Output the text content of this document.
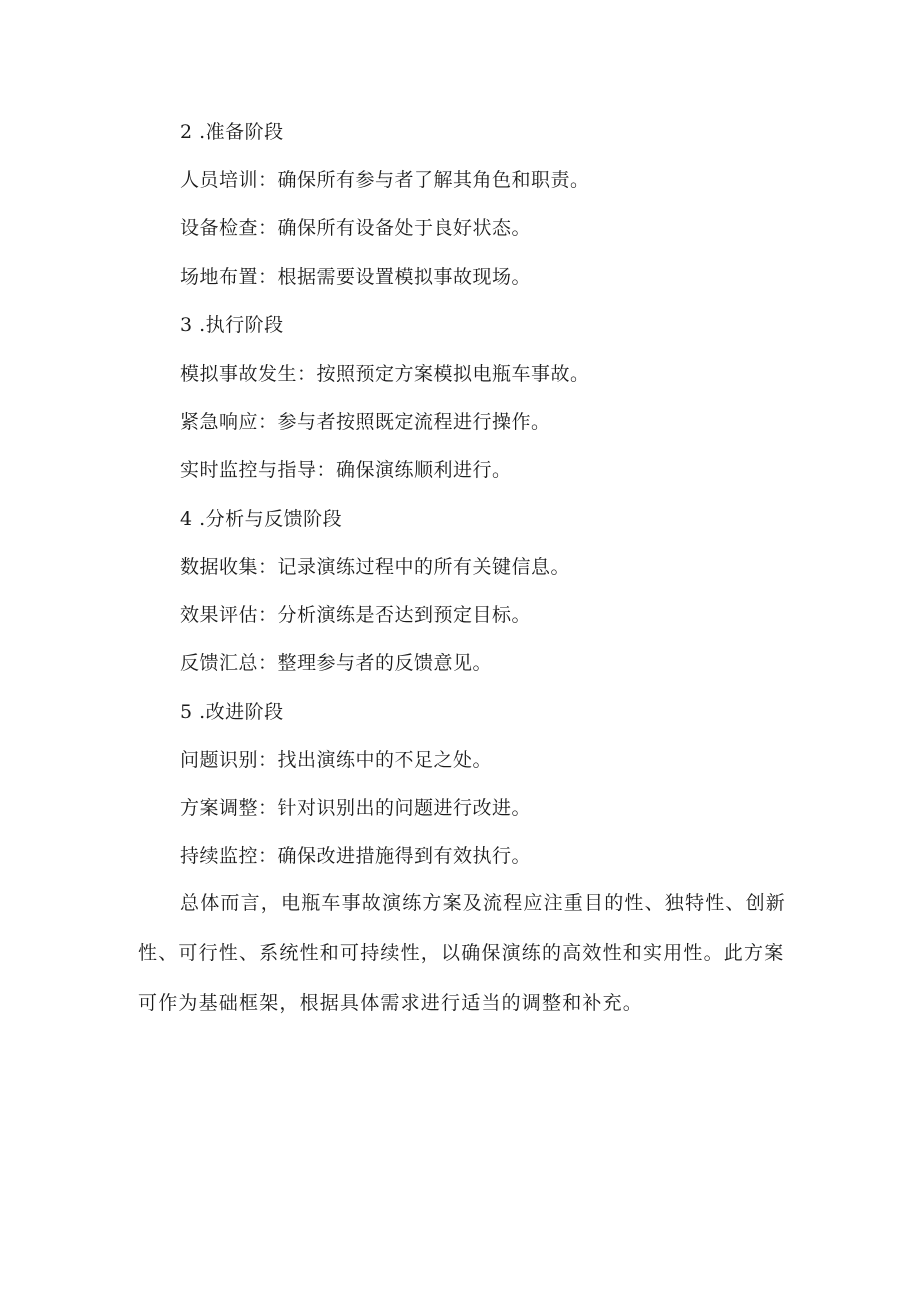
2 .准备阶段
人员培训：确保所有参与者了解其角色和职责。
设备检查：确保所有设备处于良好状态。
场地布置：根据需要设置模拟事故现场。
3 .执行阶段
模拟事故发生：按照预定方案模拟电瓶车事故。
紧急响应：参与者按照既定流程进行操作。
实时监控与指导：确保演练顺利进行。
4 .分析与反馈阶段
数据收集：记录演练过程中的所有关键信息。
效果评估：分析演练是否达到预定目标。
反馈汇总：整理参与者的反馈意见。
5 .改进阶段
问题识别：找出演练中的不足之处。
方案调整：针对识别出的问题进行改进。
持续监控：确保改进措施得到有效执行。
总体而言，电瓶车事故演练方案及流程应注重目的性、独特性、创新性、可行性、系统性和可持续性，以确保演练的高效性和实用性。此方案可作为基础框架，根据具体需求进行适当的调整和补充。
